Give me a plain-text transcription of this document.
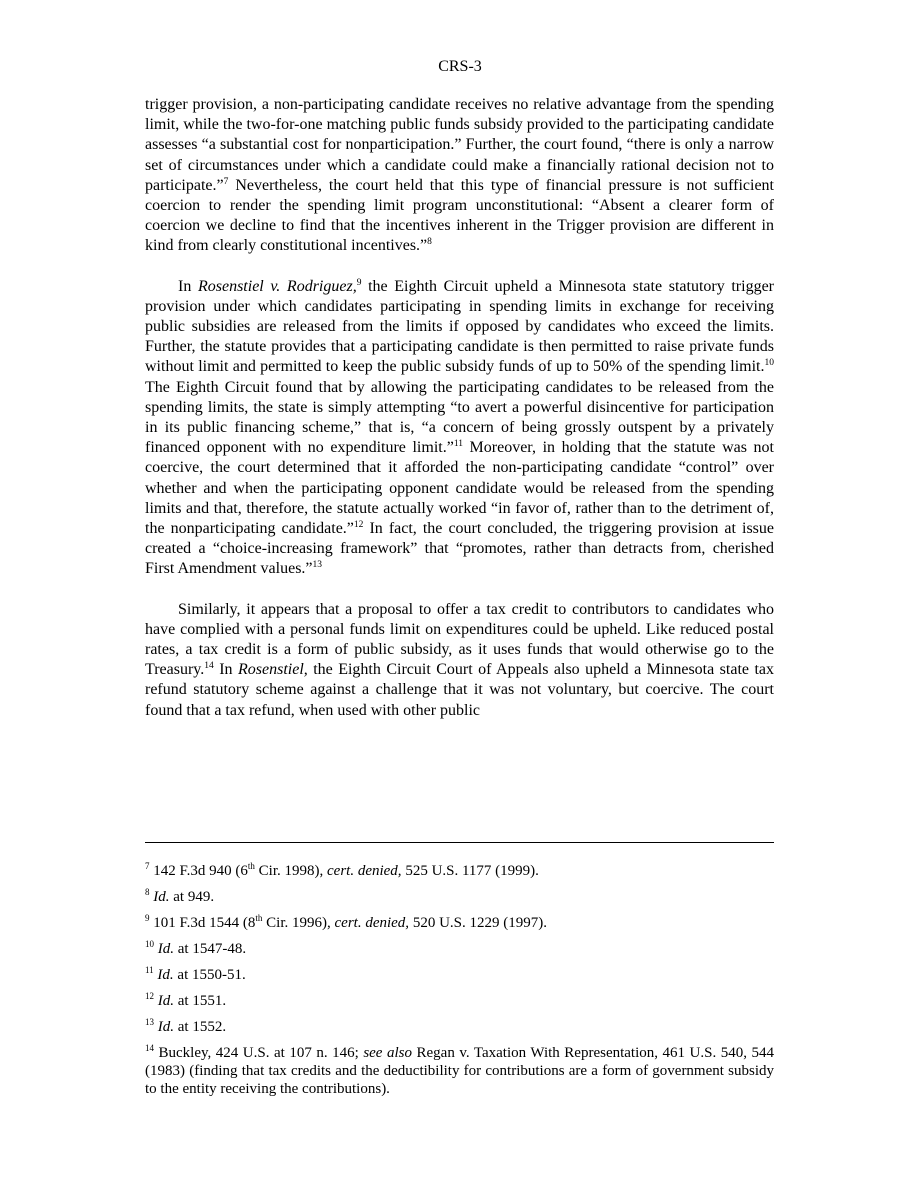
CRS-3

trigger provision, a non-participating candidate receives no relative advantage from the spending limit, while the two-for-one matching public funds subsidy provided to the participating candidate assesses “a substantial cost for nonparticipation.” Further, the court found, “there is only a narrow set of circumstances under which a candidate could make a financially rational decision not to participate.”$^7$ Nevertheless, the court held that this type of financial pressure is not sufficient coercion to render the spending limit program unconstitutional: “Absent a clearer form of coercion we decline to find that the incentives inherent in the Trigger provision are different in kind from clearly constitutional incentives.”$^8$

In Rosenstiel v. Rodriguez,$^9$ the Eighth Circuit upheld a Minnesota state statutory trigger provision under which candidates participating in spending limits in exchange for receiving public subsidies are released from the limits if opposed by candidates who exceed the limits. Further, the statute provides that a participating candidate is then permitted to raise private funds without limit and permitted to keep the public subsidy funds of up to 50% of the spending limit.$^{10}$ The Eighth Circuit found that by allowing the participating candidates to be released from the spending limits, the state is simply attempting “to avert a powerful disincentive for participation in its public financing scheme,” that is, “a concern of being grossly outspent by a privately financed opponent with no expenditure limit.”$^{11}$ Moreover, in holding that the statute was not coercive, the court determined that it afforded the non-participating candidate “control” over whether and when the participating opponent candidate would be released from the spending limits and that, therefore, the statute actually worked “in favor of, rather than to the detriment of, the nonparticipating candidate.”$^{12}$ In fact, the court concluded, the triggering provision at issue created a “choice-increasing framework” that “promotes, rather than detracts from, cherished First Amendment values.”$^{13}$

Similarly, it appears that a proposal to offer a tax credit to contributors to candidates who have complied with a personal funds limit on expenditures could be upheld. Like reduced postal rates, a tax credit is a form of public subsidy, as it uses funds that would otherwise go to the Treasury.$^{14}$ In Rosenstiel, the Eighth Circuit Court of Appeals also upheld a Minnesota state tax refund statutory scheme against a challenge that it was not voluntary, but coercive. The court found that a tax refund, when used with other public

$^7$ 142 F.3d 940 (6th Cir. 1998), cert. denied, 525 U.S. 1177 (1999).
$^8$ Id. at 949.
$^9$ 101 F.3d 1544 (8th Cir. 1996), cert. denied, 520 U.S. 1229 (1997).
$^{10}$ Id. at 1547-48.
$^{11}$ Id. at 1550-51.
$^{12}$ Id. at 1551.
$^{13}$ Id. at 1552.
$^{14}$ Buckley, 424 U.S. at 107 n. 146; see also Regan v. Taxation With Representation, 461 U.S. 540, 544 (1983) (finding that tax credits and the deductibility for contributions are a form of government subsidy to the entity receiving the contributions).
